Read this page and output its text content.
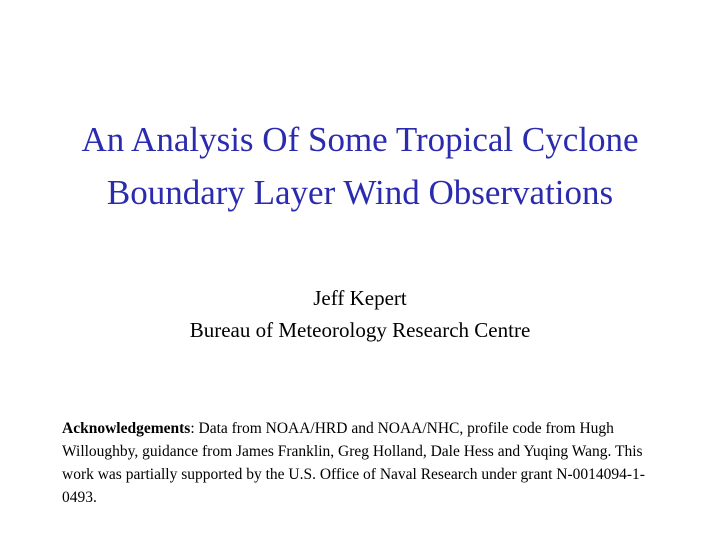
An Analysis Of Some Tropical Cyclone
Boundary Layer Wind Observations
Jeff Kepert
Bureau of Meteorology Research Centre
Acknowledgements: Data from NOAA/HRD and NOAA/NHC, profile code from Hugh Willoughby, guidance from James Franklin, Greg Holland, Dale Hess and Yuqing Wang. This work was partially supported by the U.S. Office of Naval Research under grant N-0014094-1-0493.
